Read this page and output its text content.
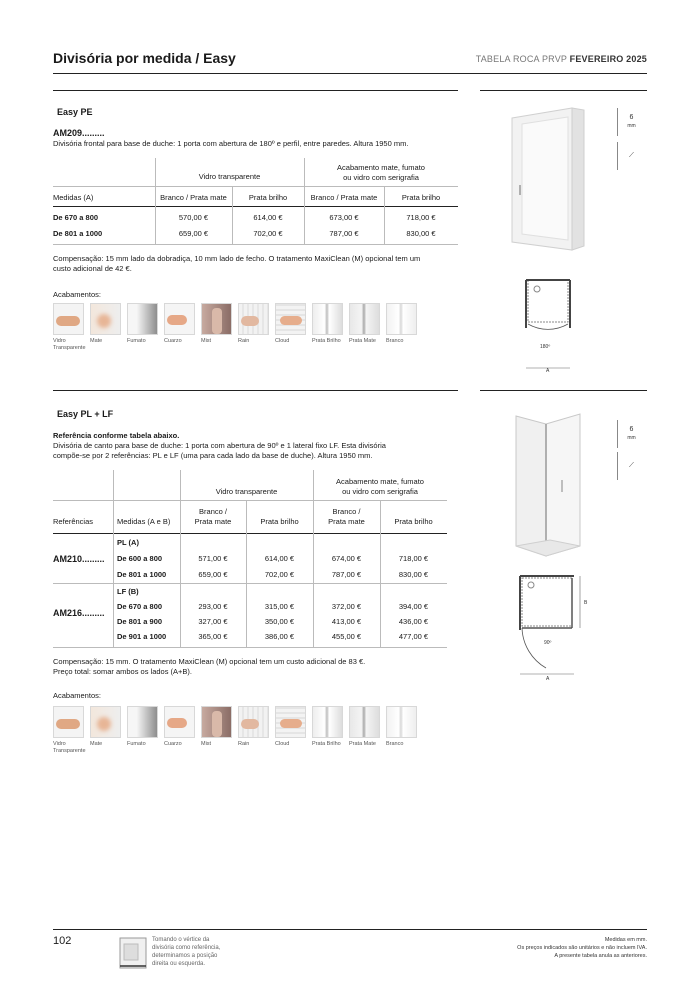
Divisória por medida / Easy	TABELA ROCA PRVP FEVEREIRO 2025
Easy PE
AM209.........
Divisória frontal para base de duche: 1 porta com abertura de 180º e perfil, entre paredes. Altura 1950 mm.
Vidro transparente
Acabamento mate, fumato
ou vidro com serigrafia
Medidas (A)	Branco / Prata mate	Prata brilho	Branco / Prata mate	Prata brilho
De 670 a 800	570,00 €	614,00 €	673,00 €	718,00 €
De 801 a 1000	659,00 €	702,00 €	787,00 €	830,00 €
Compensação: 15 mm lado da dobradiça, 10 mm lado de fecho. O tratamento MaxiClean (M) opcional tem um
custo adicional de 42 €.
Acabamentos:
Vidro
Transparente
Mate	Fumato	Cuarzo	Mist	Rain	Cloud	Prata Brilho Prata Mate Branco
180º
A
6
mm
⟋
Easy PL + LF
Referência conforme tabela abaixo.
Divisória de canto para base de duche: 1 porta com abertura de 90º e 1 lateral fixo LF. Esta divisória
compõe-se por 2 referências: PL e LF (uma para cada lado da base de duche). Altura 1950 mm.
Vidro transparente
Acabamento mate, fumato
ou vidro com serigrafia
Referências	Medidas (A e B)
Branco /
Prata mate	Prata brilho
Branco /
Prata mate	Prata brilho
PL (A)
AM210......... De 600 a 800	571,00 €	614,00 €	674,00 €	718,00 €
De 801 a 1000	659,00 €	702,00 €	787,00 €	830,00 €
LF (B)
AM216.........
De 670 a 800	293,00 €	315,00 €	372,00 €	394,00 €
De 801 a 900	327,00 €	350,00 €	413,00 €	436,00 €
De 901 a 1000	365,00 €	386,00 €	455,00 €	477,00 €
Compensação: 15 mm. O tratamento MaxiClean (M) opcional tem um custo adicional de 83 €.
Preço total: somar ambos os lados (A+B).
Acabamentos:
Vidro
Transparente
Mate	Fumato	Cuarzo	Mist	Rain	Cloud	Prata Brilho Prata Mate Branco
90º
A
B
6
mm
⟋
102	Tomando o vértice da
divisória como referência,
determinamos a posição
direita ou esquerda.
Medidas em mm.
Os preços indicados são unitários e não incluem IVA.
A presente tabela anula as anteriores.
